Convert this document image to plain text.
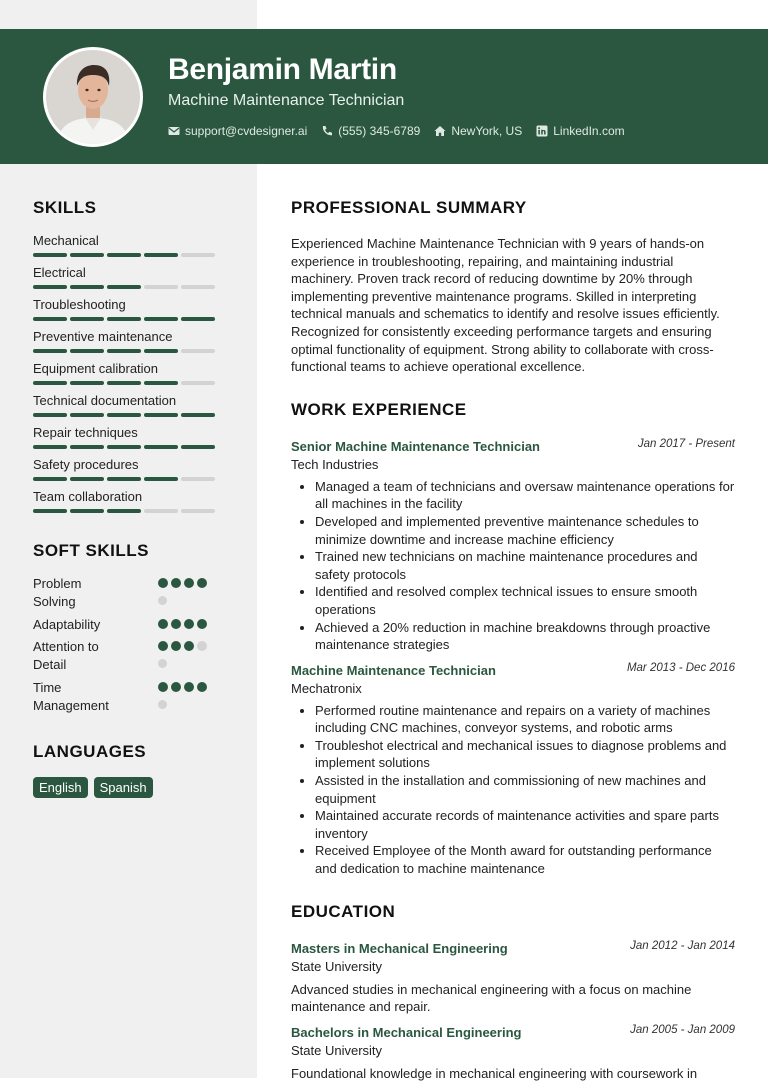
Benjamin Martin
Machine Maintenance Technician
support@cvdesigner.ai	(555) 345-6789	NewYork, US	LinkedIn.com
SKILLS
Mechanical
Electrical
Troubleshooting
Preventive maintenance
Equipment calibration
Technical documentation
Repair techniques
Safety procedures
Team collaboration
SOFT SKILLS
Problem Solving
Adaptability
Attention to Detail
Time Management
LANGUAGES
English	Spanish
PROFESSIONAL SUMMARY
Experienced Machine Maintenance Technician with 9 years of hands-on experience in troubleshooting, repairing, and maintaining industrial machinery. Proven track record of reducing downtime by 20% through implementing preventive maintenance programs. Skilled in interpreting technical manuals and schematics to identify and resolve issues efficiently. Recognized for consistently exceeding performance targets and ensuring optimal functionality of equipment. Strong ability to collaborate with cross-functional teams to achieve operational excellence.
WORK EXPERIENCE
Senior Machine Maintenance Technician	Jan 2017 - Present
Tech Industries
• Managed a team of technicians and oversaw maintenance operations for all machines in the facility
• Developed and implemented preventive maintenance schedules to minimize downtime and increase machine efficiency
• Trained new technicians on machine maintenance procedures and safety protocols
• Identified and resolved complex technical issues to ensure smooth operations
• Achieved a 20% reduction in machine breakdowns through proactive maintenance strategies
Machine Maintenance Technician	Mar 2013 - Dec 2016
Mechatronix
• Performed routine maintenance and repairs on a variety of machines including CNC machines, conveyor systems, and robotic arms
• Troubleshot electrical and mechanical issues to diagnose problems and implement solutions
• Assisted in the installation and commissioning of new machines and equipment
• Maintained accurate records of maintenance activities and spare parts inventory
• Received Employee of the Month award for outstanding performance and dedication to machine maintenance
EDUCATION
Masters in Mechanical Engineering	Jan 2012 - Jan 2014
State University
Advanced studies in mechanical engineering with a focus on machine maintenance and repair.
Bachelors in Mechanical Engineering	Jan 2005 - Jan 2009
State University
Foundational knowledge in mechanical engineering with coursework in
